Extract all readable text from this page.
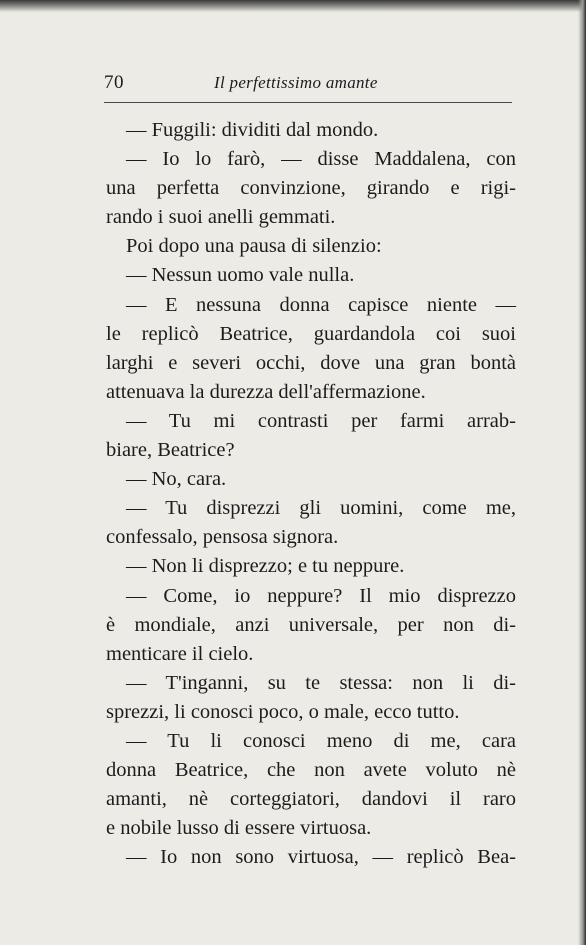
70	Il perfettissimo amante
— Fuggili: dividiti dal mondo.
— Io lo farò, — disse Maddalena, con
una perfetta convinzione, girando e rigi-
rando i suoi anelli gemmati.
Poi dopo una pausa di silenzio:
— Nessun uomo vale nulla.
— E nessuna donna capisce niente —
le replicò Beatrice, guardandola coi suoi
larghi e severi occhi, dove una gran bontà
attenuava la durezza dell'affermazione.
— Tu mi contrasti per farmi arrab-
biare, Beatrice?
— No, cara.
— Tu disprezzi gli uomini, come me,
confessalo, pensosa signora.
— Non li disprezzo; e tu neppure.
— Come, io neppure? Il mio disprezzo
è mondiale, anzi universale, per non di-
menticare il cielo.
— T'inganni, su te stessa: non li di-
sprezzi, li conosci poco, o male, ecco tutto.
— Tu li conosci meno di me, cara
donna Beatrice, che non avete voluto nè
amanti, nè corteggiatori, dandovi il raro
e nobile lusso di essere virtuosa.
— Io non sono virtuosa, — replicò Bea-
